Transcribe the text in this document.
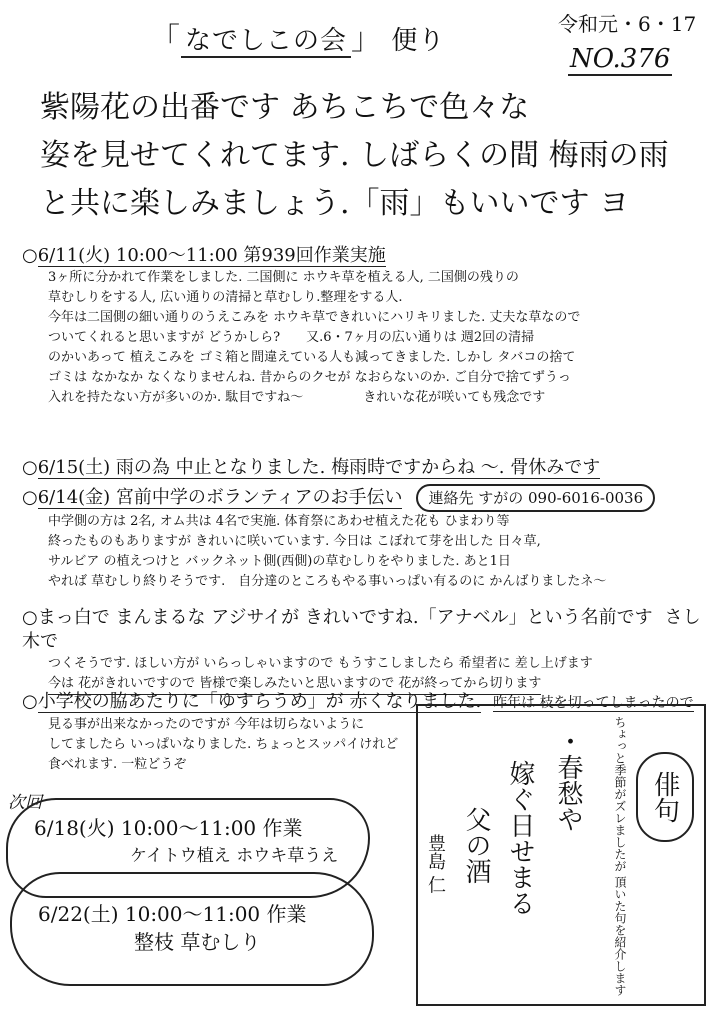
「 なでしこの会 」 便り
令和元・6・17
NO.376
紫陽花の出番です あちこちで色々な
姿を見せてくれてます. しばらくの間 梅雨の雨
と共に楽しみましょう.「雨」もいいです ヨ
○6/11(火) 10:00〜11:00 第939回作業実施
3ヶ所に分かれて作業をしました. 二国側に ホウキ草を植える人, 二国側の残りの
草むしりをする人, 広い通りの清掃と草むしり.整理をする人.
今年は二国側の細い通りのうえこみを ホウキ草できれいにハリキリました. 丈夫な草なので
ついてくれると思いますが どうかしら?　　又.6・7ヶ月の広い通りは 週2回の清掃
のかいあって 植えこみを ゴミ箱と間違えている人も減ってきました. しかし タバコの捨て
ゴミは なかなか なくなりませんね. 昔からのクセが なおらないのか. ご自分で捨てずうっ
入れを持たない方が多いのか. 駄目ですね〜	きれいな花が咲いても残念です
○6/15(土) 雨の為 中止となりました. 梅雨時ですからね 〜. 骨休みです
○6/14(金) 宮前中学のボランティアのお手伝い 連絡先 すがの 090-6016-0036
中学側の方は 2名, オム共は 4名で実施. 体育祭にあわせ植えた花も ひまわり等
終ったものもありますが きれいに咲いています. 今日は こぼれて芽を出した 日々草,
サルビア の植えつけと バックネット側(西側)の草むしりをやりました. あと1日
やれば 草むしり終りそうです.　自分達のところもやる事いっぱい有るのに かんばりましたネ〜
○まっ白で まんまるな アジサイが きれいですね.「アナベル」という名前です さし木で
つくそうです. ほしい方が いらっしゃいますので もうすこしましたら 希望者に 差し上げます
今は 花がきれいですので 皆様で楽しみたいと思いますので 花が終ってから切ります
○小学校の脇あたりに「ゆすらうめ」が 赤くなりました. 昨年は 枝を切ってしまったので
見る事が出来なかったのですが 今年は切らないように
してましたら いっぱいなりました. ちょっとスッパイけれど
食べれます. 一粒どうぞ
次回
6/18(火) 10:00〜11:00 作業
ケイトウ植え ホウキ草うえ
6/22(土) 10:00〜11:00 作業
整枝 草むしり
俳句
ちょっと季節がズレましたが 頂いた句を紹介します
・春愁や
嫁ぐ日せまる
父の酒
豊島 仁
